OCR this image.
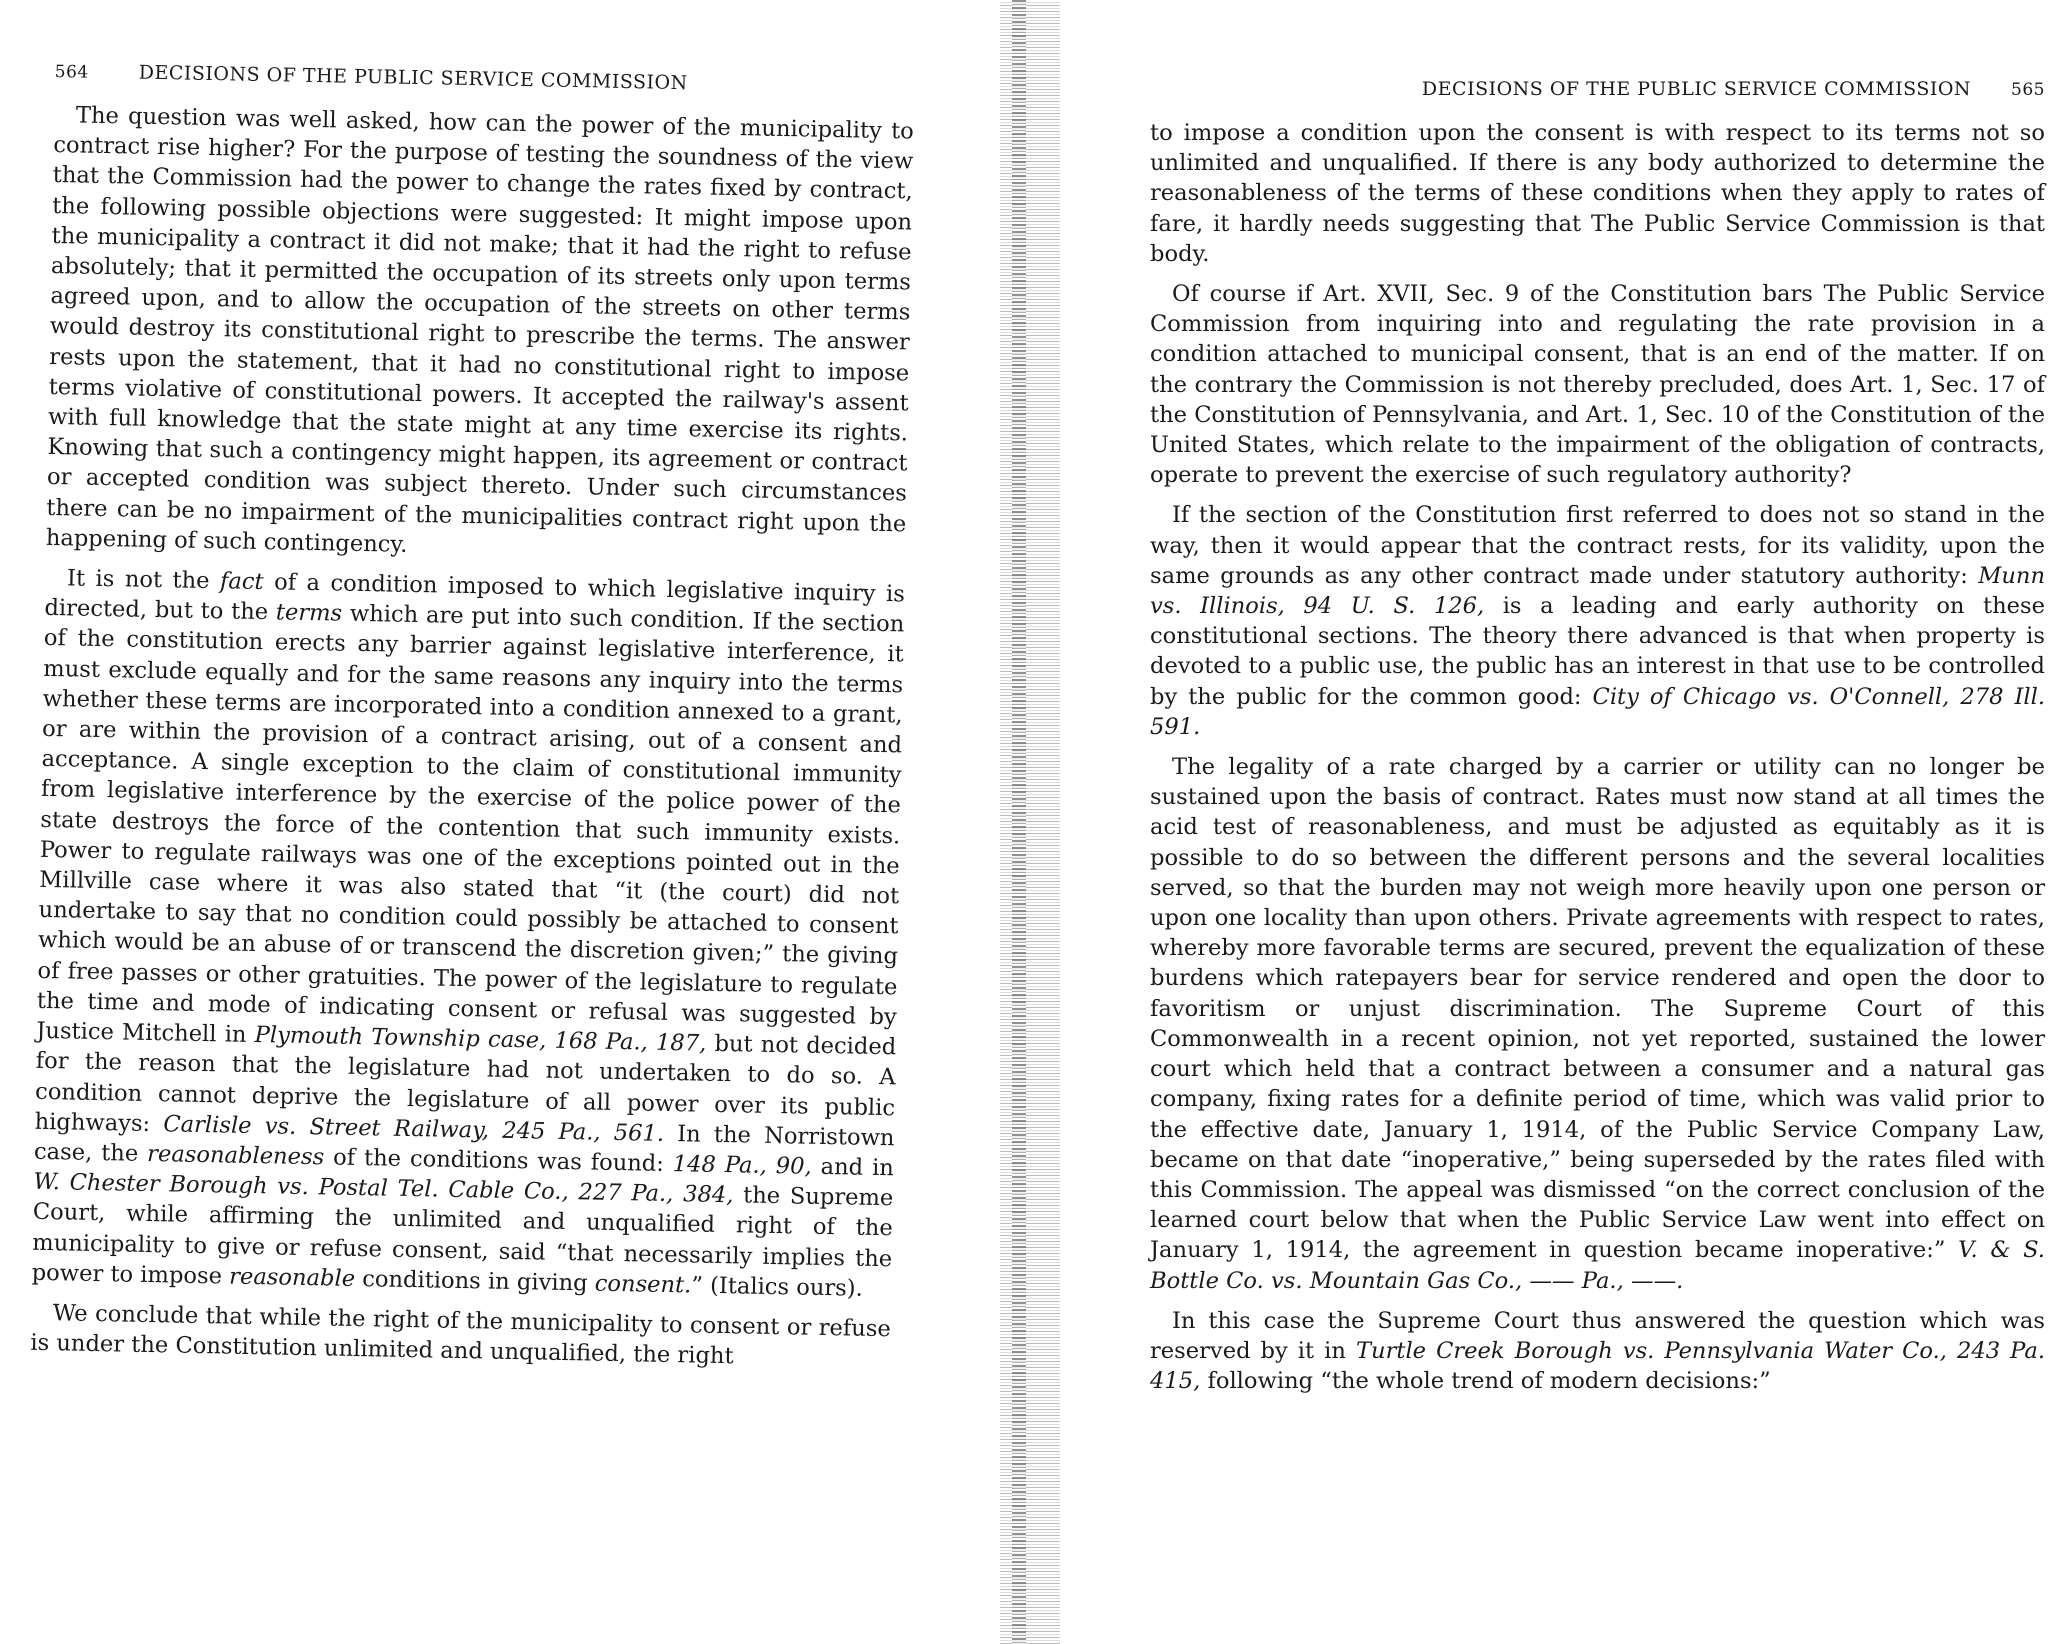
564	DECISIONS OF THE PUBLIC SERVICE COMMISSION

The question was well asked, how can the power of the municipality to contract rise higher? For the purpose of testing the soundness of the view that the Commission had the power to change the rates fixed by contract, the following possible objections were suggested: It might impose upon the municipality a contract it did not make; that it had the right to refuse absolutely; that it permitted the occupation of its streets only upon terms agreed upon, and to allow the occupation of the streets on other terms would destroy its constitutional right to prescribe the terms. The answer rests upon the statement, that it had no constitutional right to impose terms violative of constitutional powers. It accepted the railway's assent with full knowledge that the state might at any time exercise its rights. Knowing that such a contingency might happen, its agreement or contract or accepted condition was subject thereto. Under such circumstances there can be no impairment of the municipalities contract right upon the happening of such contingency.

It is not the fact of a condition imposed to which legislative inquiry is directed, but to the terms which are put into such condition. If the section of the constitution erects any barrier against legislative interference, it must exclude equally and for the same reasons any inquiry into the terms whether these terms are incorporated into a condition annexed to a grant, or are within the provision of a contract arising, out of a consent and acceptance. A single exception to the claim of constitutional immunity from legislative interference by the exercise of the police power of the state destroys the force of the contention that such immunity exists. Power to regulate railways was one of the exceptions pointed out in the Millville case where it was also stated that “it (the court) did not undertake to say that no condition could possibly be attached to consent which would be an abuse of or transcend the discretion given;” the giving of free passes or other gratuities. The power of the legislature to regulate the time and mode of indicating consent or refusal was suggested by Justice Mitchell in Plymouth Township case, 168 Pa., 187, but not decided for the reason that the legislature had not undertaken to do so. A condition cannot deprive the legislature of all power over its public highways: Carlisle vs. Street Railway, 245 Pa., 561. In the Norristown case, the reasonableness of the conditions was found: 148 Pa., 90, and in W. Chester Borough vs. Postal Tel. Cable Co., 227 Pa., 384, the Supreme Court, while affirming the unlimited and unqualified right of the municipality to give or refuse consent, said “that necessarily implies the power to impose reasonable conditions in giving consent.” (Italics ours).

We conclude that while the right of the municipality to consent or refuse is under the Constitution unlimited and unqualified, the right

DECISIONS OF THE PUBLIC SERVICE COMMISSION 565

to impose a condition upon the consent is with respect to its terms not so unlimited and unqualified. If there is any body authorized to determine the reasonableness of the terms of these conditions when they apply to rates of fare, it hardly needs suggesting that The Public Service Commission is that body.

Of course if Art. XVII, Sec. 9 of the Constitution bars The Public Service Commission from inquiring into and regulating the rate provision in a condition attached to municipal consent, that is an end of the matter. If on the contrary the Commission is not thereby precluded, does Art. 1, Sec. 17 of the Constitution of Pennsylvania, and Art. 1, Sec. 10 of the Constitution of the United States, which relate to the impairment of the obligation of contracts, operate to prevent the exercise of such regulatory authority?

If the section of the Constitution first referred to does not so stand in the way, then it would appear that the contract rests, for its validity, upon the same grounds as any other contract made under statutory authority: Munn vs. Illinois, 94 U. S. 126, is a leading and early authority on these constitutional sections. The theory there advanced is that when property is devoted to a public use, the public has an interest in that use to be controlled by the public for the common good: City of Chicago vs. O'Connell, 278 Ill. 591.

The legality of a rate charged by a carrier or utility can no longer be sustained upon the basis of contract. Rates must now stand at all times the acid test of reasonableness, and must be adjusted as equitably as it is possible to do so between the different persons and the several localities served, so that the burden may not weigh more heavily upon one person or upon one locality than upon others. Private agreements with respect to rates, whereby more favorable terms are secured, prevent the equalization of these burdens which ratepayers bear for service rendered and open the door to favoritism or unjust discrimination. The Supreme Court of this Commonwealth in a recent opinion, not yet reported, sustained the lower court which held that a contract between a consumer and a natural gas company, fixing rates for a definite period of time, which was valid prior to the effective date, January 1, 1914, of the Public Service Company Law, became on that date “inoperative,” being superseded by the rates filed with this Commission. The appeal was dismissed “on the correct conclusion of the learned court below that when the Public Service Law went into effect on January 1, 1914, the agreement in question became inoperative:” V. & S. Bottle Co. vs. Mountain Gas Co., —— Pa., ——.

In this case the Supreme Court thus answered the question which was reserved by it in Turtle Creek Borough vs. Pennsylvania Water Co., 243 Pa. 415, following “the whole trend of modern decisions:”
